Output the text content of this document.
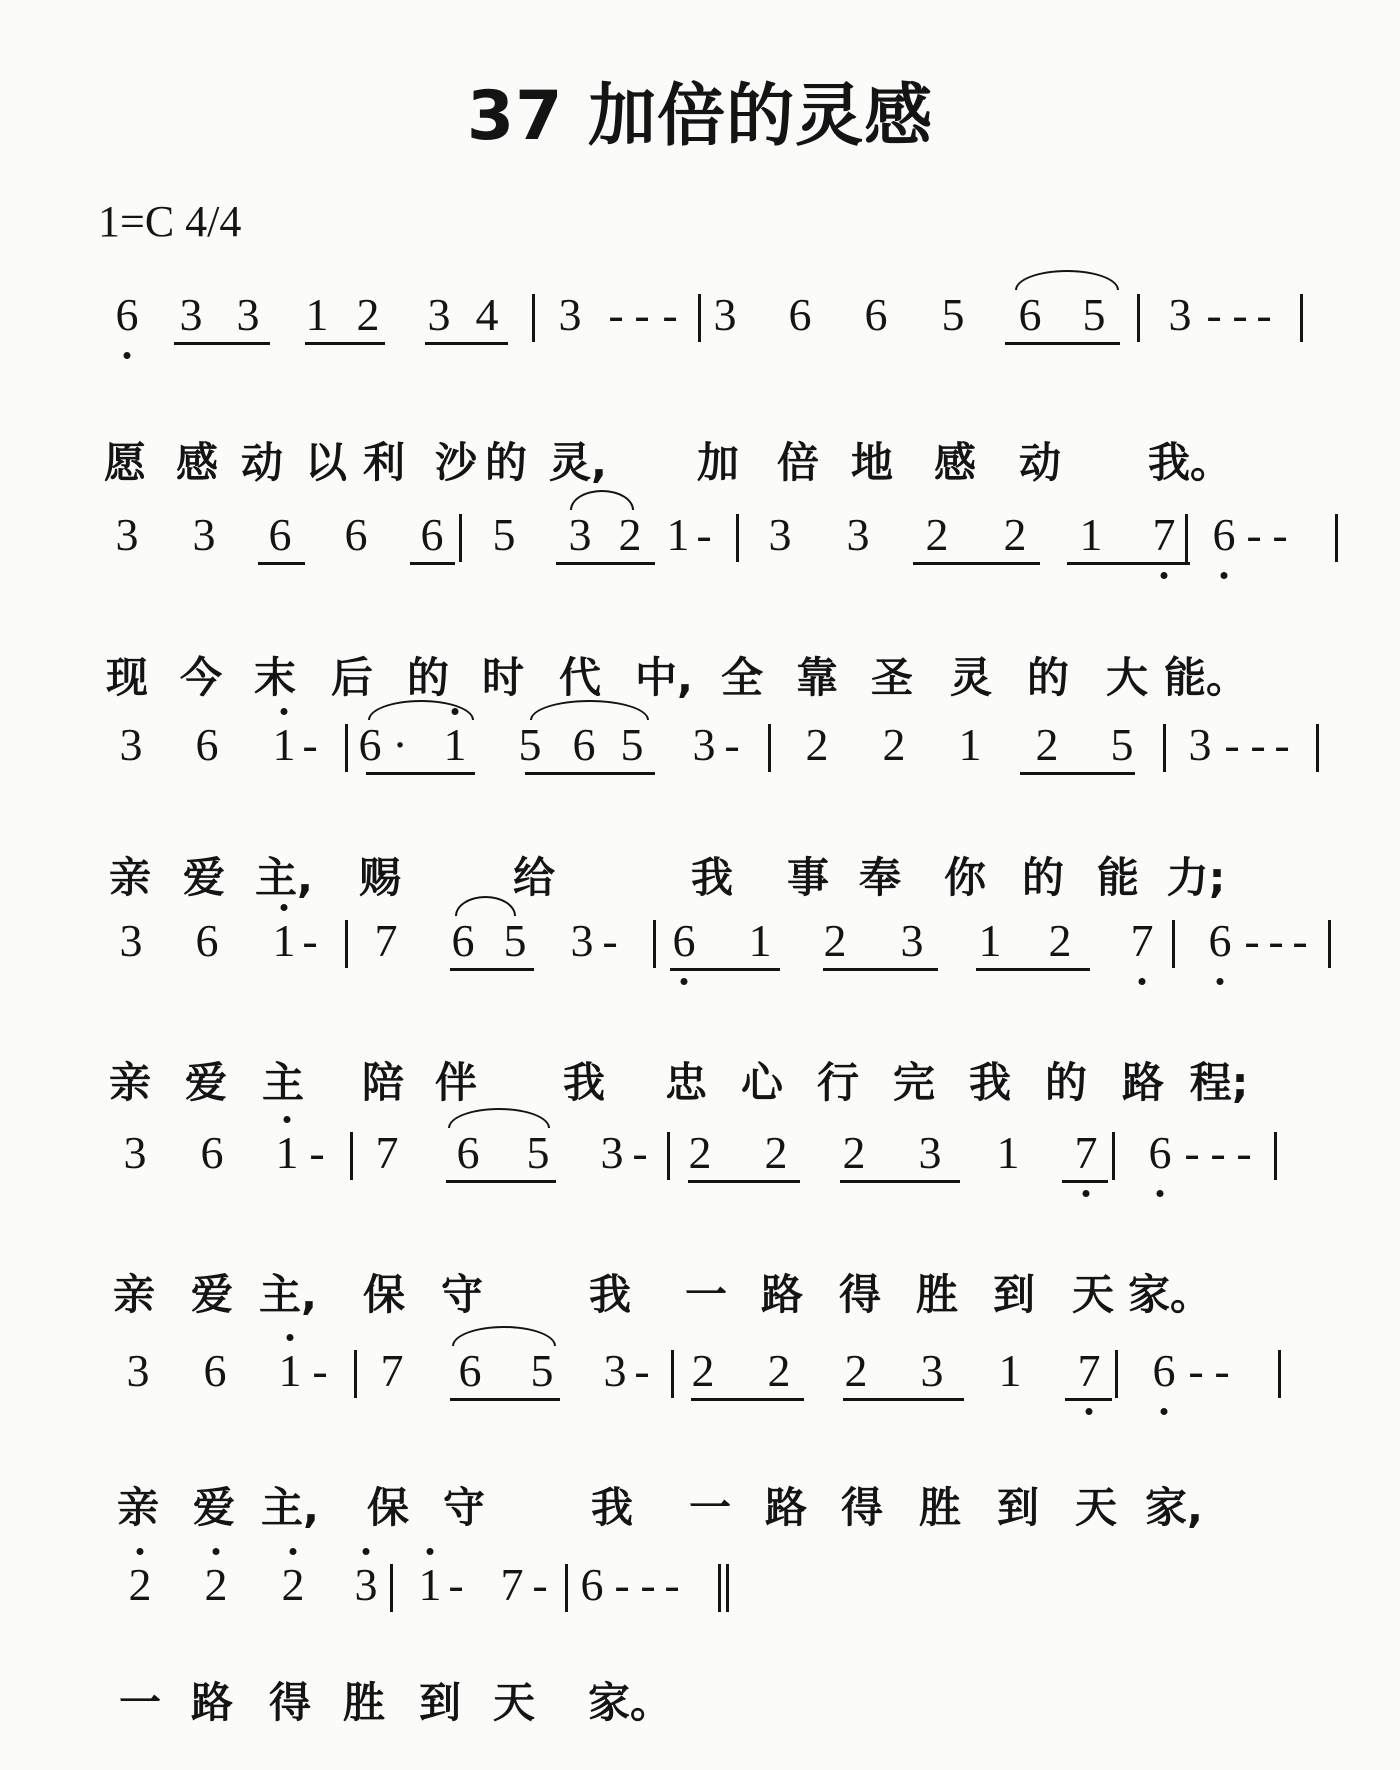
37 加倍的灵感
1=C 4/4
6 3 3 1 2 3 4 3 - - - 3 6 6 5 6 5 3 - - -
愿 感 动 以 利 沙 的 灵, 加 倍 地 感 动 我。
3 3 6 6 6 5 3 2 1 - 3 3 2 2 1 7 6 - -
现 今 末 后 的 时 代 中, 全 靠 圣 灵 的 大 能。
3 6 1 - 6 · 1 5 6 5 3 - 2 2 1 2 5 3 - - -
亲 爱 主, 赐	给	我 事 奉 你 的 能 力;
3 6 1 - 7 6 5 3 - 6 1 2 3 1 2 7 6 - - -
亲 爱 主 陪 伴 我 忠 心 行 完 我 的 路 程;
3 6 1 - 7 6 5 3 - 2 2 2 3 1 7 6 - - -
亲 爱 主, 保 守	我 一 路 得 胜 到 天 家。
3 6 1 - 7 6 5 3 - 2 2 2 3 1 7 6 - -
亲 爱 主, 保 守	我 一 路 得 胜 到 天 家,
2 2 2 3 1 - 7 - 6 - - -
一 路 得 胜 到 天 家。
